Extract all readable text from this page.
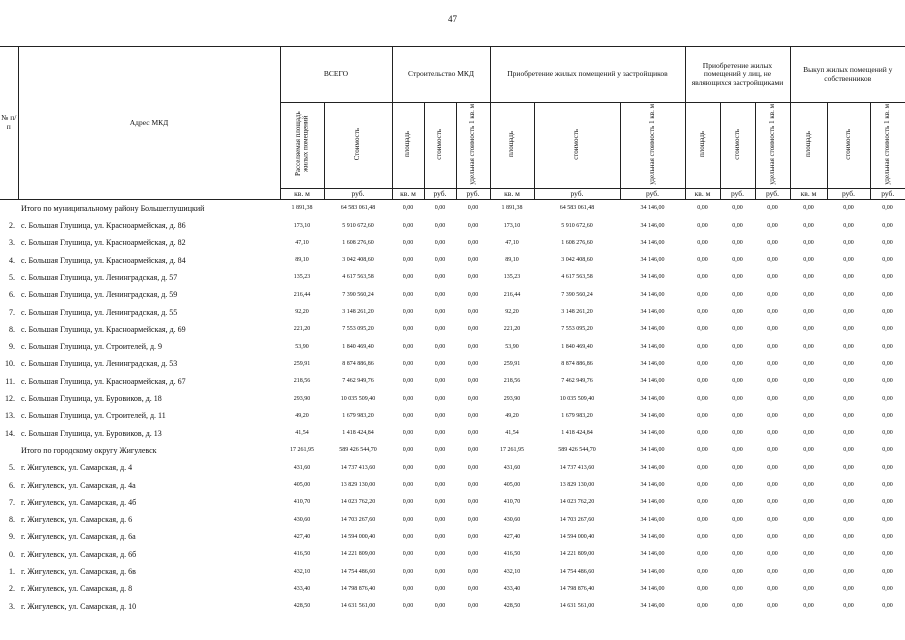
47
№ п/п	Адрес МКД	ВСЕГО		Строительство МКД			Приобретение жилых помещений у застройщиков			Приобретение жилых помещений у лиц, не являющихся застройщиками			Выкуп жилых помещений у собственников		
		Расселяемая площадь жилых помещений	Стоимость	площадь	стоимость	удельная стоимость 1 кв. м	площадь	стоимость	удельная стоимость 1 кв. м	площадь	стоимость	удельная стоимость 1 кв. м	площадь	стоимость	удельная стоимость 1 кв. м
		кв. м	руб.	кв. м	руб.	руб.	кв. м	руб.	руб.	кв. м	руб.	руб.	кв. м	руб.	руб.
	Итого по муниципальному району Большеглушицкий	1 891,38	64 583 061,48	0,00	0,00	0,00	1 891,38	64 583 061,48	34 146,00	0,00	0,00	0,00	0,00	0,00	0,00
2.	с. Большая Глушица, ул. Красноармейская, д. 86	173,10	5 910 672,60	0,00	0,00	0,00	173,10	5 910 672,60	34 146,00	0,00	0,00	0,00	0,00	0,00	0,00
3.	с. Большая Глушица, ул. Красноармейская, д. 82	47,10	1 608 276,60	0,00	0,00	0,00	47,10	1 608 276,60	34 146,00	0,00	0,00	0,00	0,00	0,00	0,00
4.	с. Большая Глушица, ул. Красноармейская, д. 84	89,10	3 042 408,60	0,00	0,00	0,00	89,10	3 042 408,60	34 146,00	0,00	0,00	0,00	0,00	0,00	0,00
5.	с. Большая Глушица, ул. Ленинградская, д. 57	135,23	4 617 563,58	0,00	0,00	0,00	135,23	4 617 563,58	34 146,00	0,00	0,00	0,00	0,00	0,00	0,00
6.	с. Большая Глушица, ул. Ленинградская, д. 59	216,44	7 390 560,24	0,00	0,00	0,00	216,44	7 390 560,24	34 146,00	0,00	0,00	0,00	0,00	0,00	0,00
7.	с. Большая Глушица, ул. Ленинградская, д. 55	92,20	3 148 261,20	0,00	0,00	0,00	92,20	3 148 261,20	34 146,00	0,00	0,00	0,00	0,00	0,00	0,00
8.	с. Большая Глушица, ул. Красноармейская, д. 69	221,20	7 553 095,20	0,00	0,00	0,00	221,20	7 553 095,20	34 146,00	0,00	0,00	0,00	0,00	0,00	0,00
9.	с. Большая Глушица, ул. Строителей, д. 9	53,90	1 840 469,40	0,00	0,00	0,00	53,90	1 840 469,40	34 146,00	0,00	0,00	0,00	0,00	0,00	0,00
10.	с. Большая Глушица, ул. Ленинградская, д. 53	259,91	8 874 886,86	0,00	0,00	0,00	259,91	8 874 886,86	34 146,00	0,00	0,00	0,00	0,00	0,00	0,00
11.	с. Большая Глушица, ул. Красноармейская, д. 67	218,56	7 462 949,76	0,00	0,00	0,00	218,56	7 462 949,76	34 146,00	0,00	0,00	0,00	0,00	0,00	0,00
12.	с. Большая Глушица, ул. Буровиков, д. 18	293,90	10 035 509,40	0,00	0,00	0,00	293,90	10 035 509,40	34 146,00	0,00	0,00	0,00	0,00	0,00	0,00
13.	с. Большая Глушица, ул. Строителей, д. 11	49,20	1 679 983,20	0,00	0,00	0,00	49,20	1 679 983,20	34 146,00	0,00	0,00	0,00	0,00	0,00	0,00
14.	с. Большая Глушица, ул. Буровиков, д. 13	41,54	1 418 424,84	0,00	0,00	0,00	41,54	1 418 424,84	34 146,00	0,00	0,00	0,00	0,00	0,00	0,00
	Итого по городскому округу Жигулевск	17 261,95	589 426 544,70	0,00	0,00	0,00	17 261,95	589 426 544,70	34 146,00	0,00	0,00	0,00	0,00	0,00	0,00
5.	г. Жигулевск, ул. Самарская, д. 4	431,60	14 737 413,60	0,00	0,00	0,00	431,60	14 737 413,60	34 146,00	0,00	0,00	0,00	0,00	0,00	0,00
6.	г. Жигулевск, ул. Самарская, д. 4а	405,00	13 829 130,00	0,00	0,00	0,00	405,00	13 829 130,00	34 146,00	0,00	0,00	0,00	0,00	0,00	0,00
7.	г. Жигулевск, ул. Самарская, д. 4б	410,70	14 023 762,20	0,00	0,00	0,00	410,70	14 023 762,20	34 146,00	0,00	0,00	0,00	0,00	0,00	0,00
8.	г. Жигулевск, ул. Самарская, д. 6	430,60	14 703 267,60	0,00	0,00	0,00	430,60	14 703 267,60	34 146,00	0,00	0,00	0,00	0,00	0,00	0,00
9.	г. Жигулевск, ул. Самарская, д. 6а	427,40	14 594 000,40	0,00	0,00	0,00	427,40	14 594 000,40	34 146,00	0,00	0,00	0,00	0,00	0,00	0,00
0.	г. Жигулевск, ул. Самарская, д. 6б	416,50	14 221 809,00	0,00	0,00	0,00	416,50	14 221 809,00	34 146,00	0,00	0,00	0,00	0,00	0,00	0,00
1.	г. Жигулевск, ул. Самарская, д. 6в	432,10	14 754 486,60	0,00	0,00	0,00	432,10	14 754 486,60	34 146,00	0,00	0,00	0,00	0,00	0,00	0,00
2.	г. Жигулевск, ул. Самарская, д. 8	433,40	14 798 876,40	0,00	0,00	0,00	433,40	14 798 876,40	34 146,00	0,00	0,00	0,00	0,00	0,00	0,00
3.	г. Жигулевск, ул. Самарская, д. 10	428,50	14 631 561,00	0,00	0,00	0,00	428,50	14 631 561,00	34 146,00	0,00	0,00	0,00	0,00	0,00	0,00
